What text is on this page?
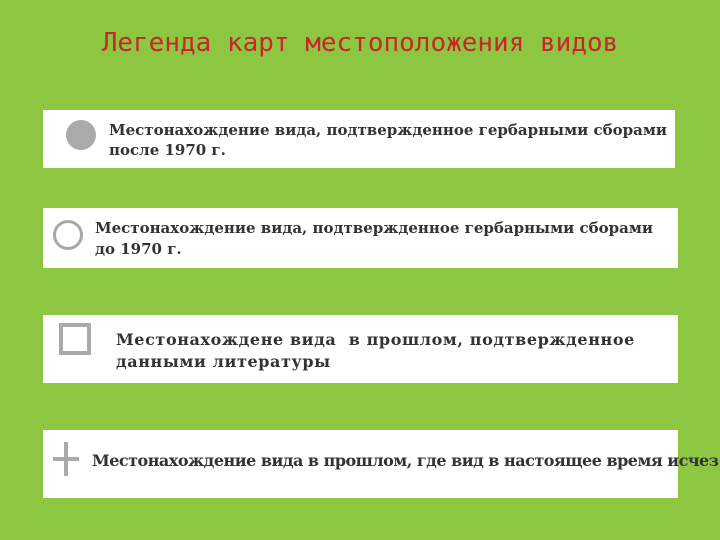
Легенда карт местоположения видов
Местонахождение вида, подтвержденное гербарными сборами
после 1970 г.
Местонахождение вида, подтвержденное гербарными сборами
до 1970 г.
Местонахождене вида  в прошлом, подтвержденное
данными литературы
Местонахождение вида в прошлом, где вид в настоящее время исчез
